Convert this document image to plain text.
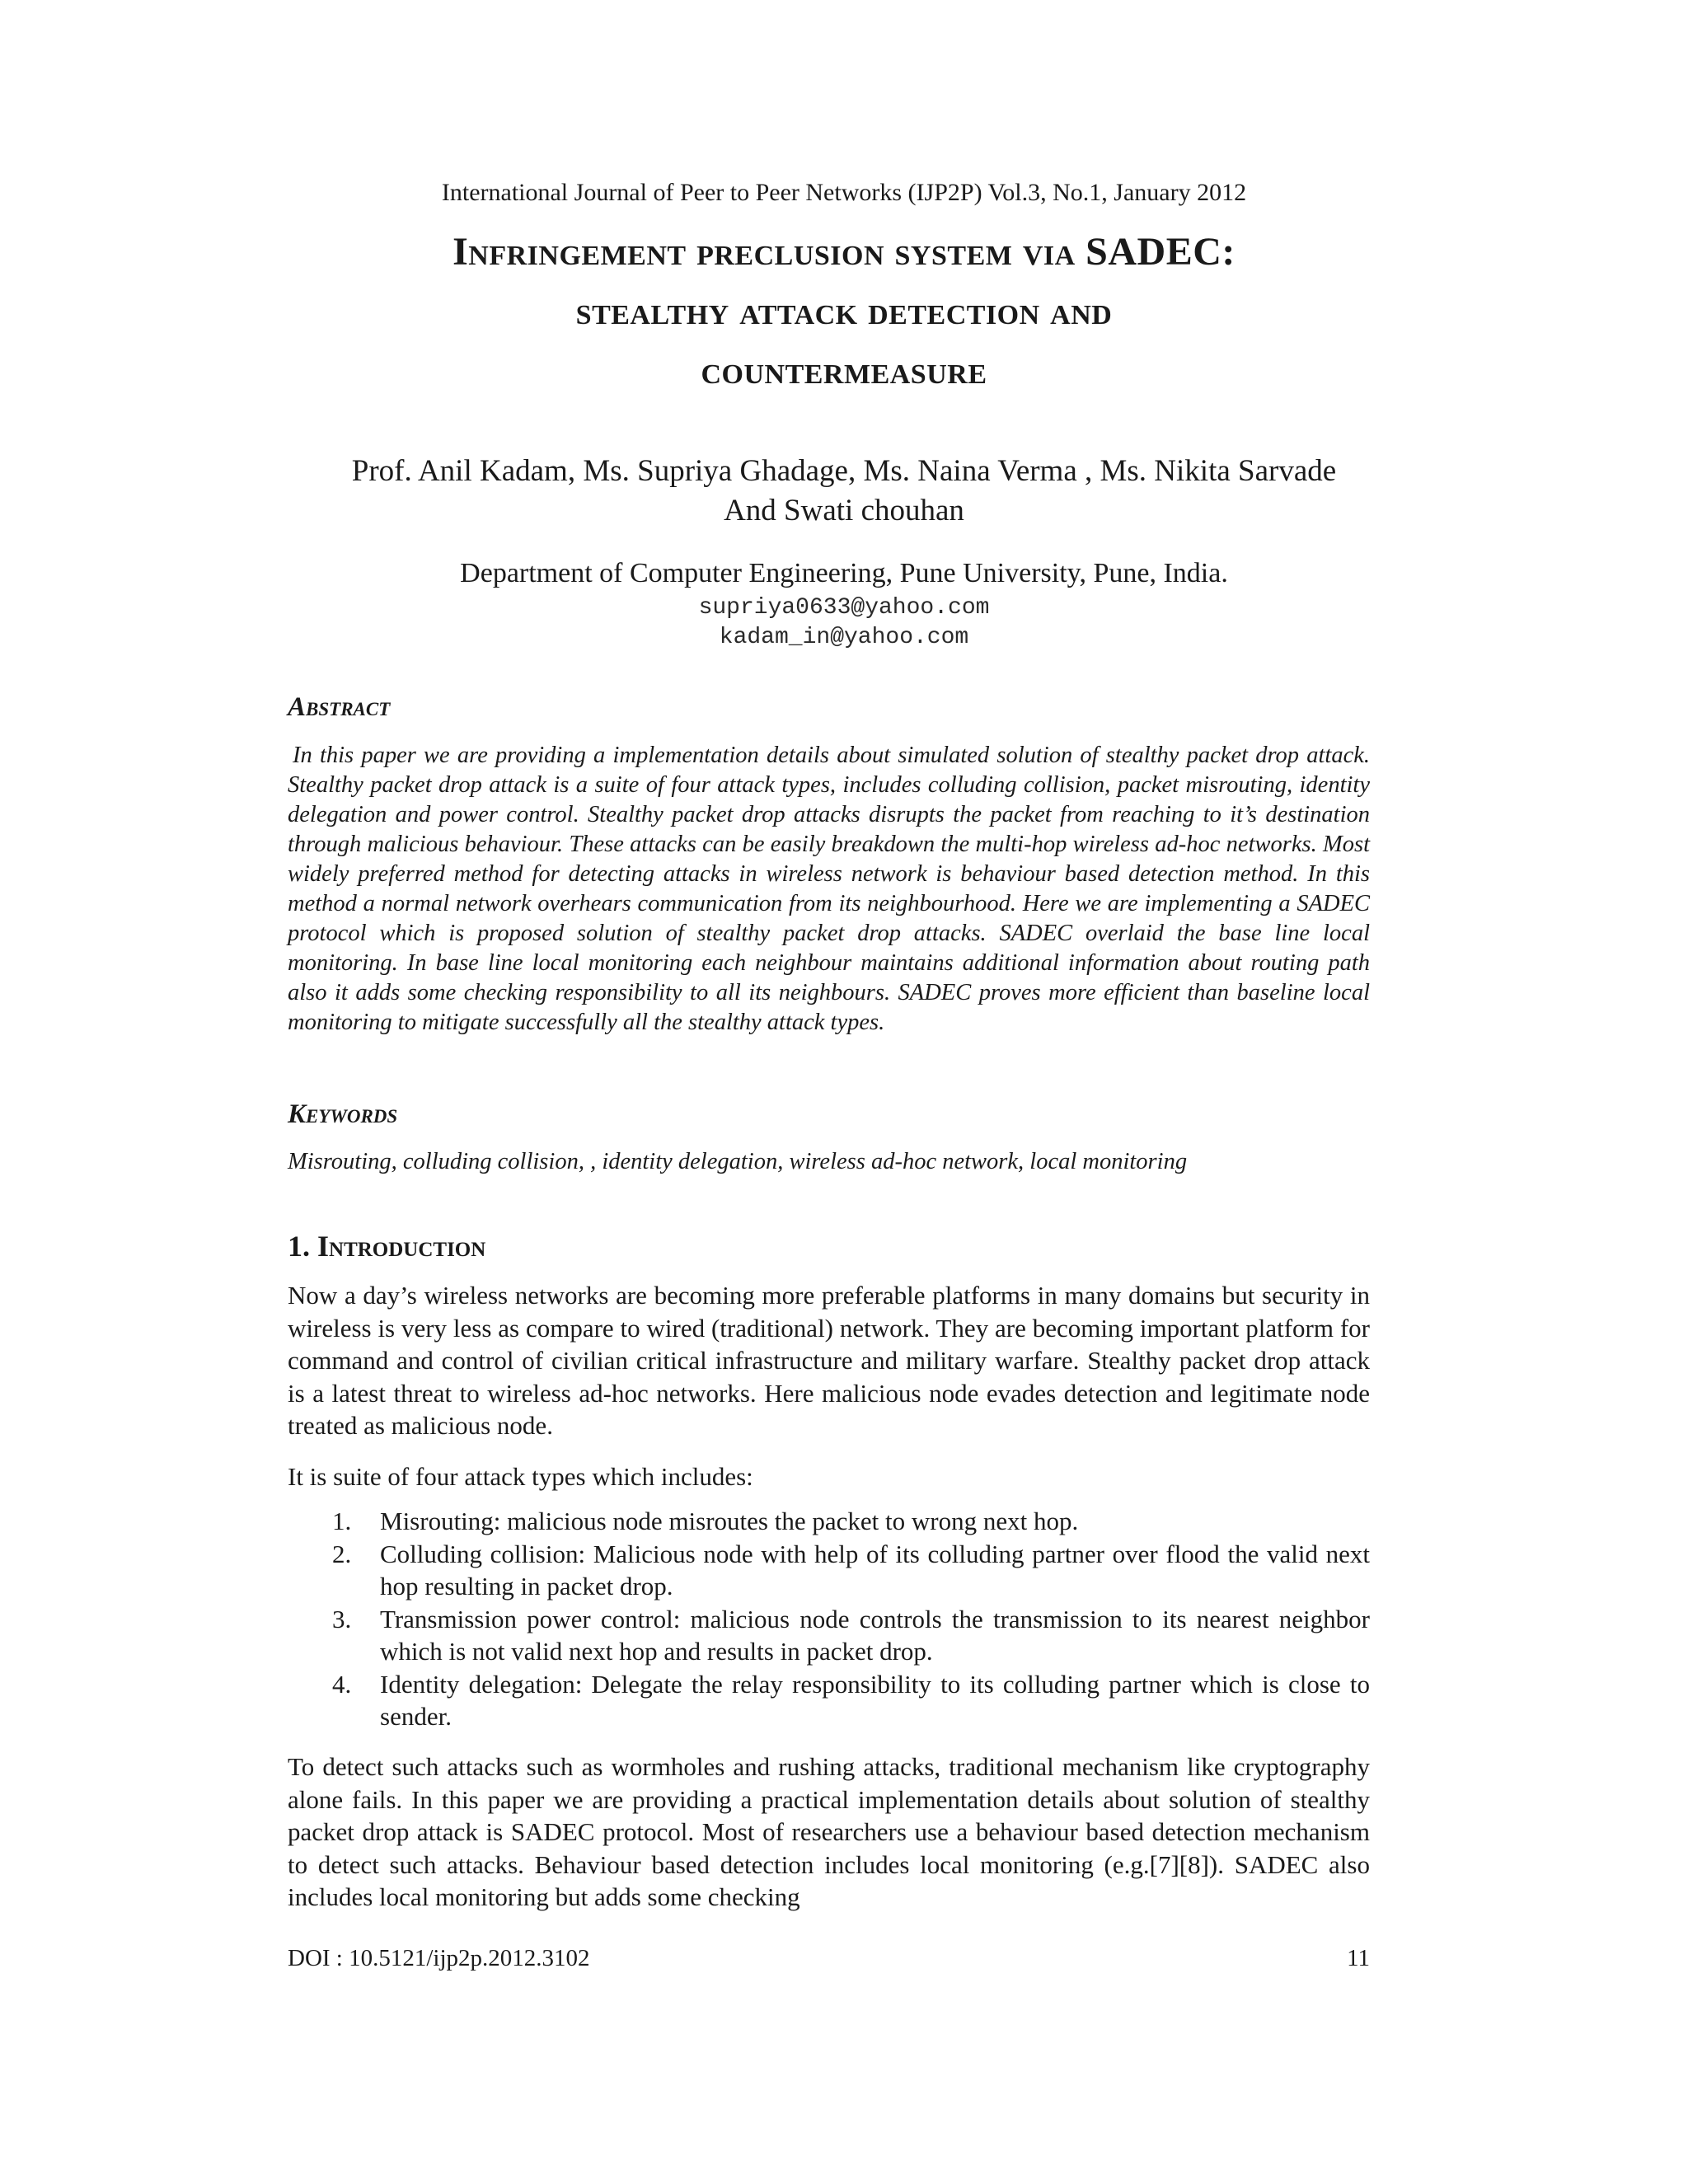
International Journal of Peer to Peer Networks (IJP2P) Vol.3, No.1, January 2012
Infringement preclusion system via SADEC:
stealthy attack detection and
countermeasure
Prof. Anil Kadam, Ms. Supriya Ghadage, Ms. Naina Verma , Ms. Nikita Sarvade
And Swati chouhan
Department of Computer Engineering, Pune University, Pune, India.
supriya0633@yahoo.com
kadam_in@yahoo.com
Abstract
In this paper we are providing a implementation details about simulated solution of stealthy packet drop attack. Stealthy packet drop attack is a suite of four attack types, includes colluding collision, packet misrouting, identity delegation and power control. Stealthy packet drop attacks disrupts the packet from reaching to it’s destination through malicious behaviour. These attacks can be easily breakdown the multi-hop wireless ad-hoc networks. Most widely preferred method for detecting attacks in wireless network is behaviour based detection method. In this method a normal network overhears communication from its neighbourhood. Here we are implementing a SADEC protocol which is proposed solution of stealthy packet drop attacks. SADEC overlaid the base line local monitoring. In base line local monitoring each neighbour maintains additional information about routing path also it adds some checking responsibility to all its neighbours. SADEC proves more efficient than baseline local monitoring to mitigate successfully all the stealthy attack types.
Keywords
Misrouting, colluding collision, , identity delegation, wireless ad-hoc network, local monitoring
1. Introduction
Now a day’s wireless networks are becoming more preferable platforms in many domains but security in wireless is very less as compare to wired (traditional) network. They are becoming important platform for command and control of civilian critical infrastructure and military warfare. Stealthy packet drop attack is a latest threat to wireless ad-hoc networks. Here malicious node evades detection and legitimate node treated as malicious node.
It is suite of four attack types which includes:
1. Misrouting: malicious node misroutes the packet to wrong next hop.
2. Colluding collision: Malicious node with help of its colluding partner over flood the valid next hop resulting in packet drop.
3. Transmission power control: malicious node controls the transmission to its nearest neighbor which is not valid next hop and results in packet drop.
4. Identity delegation: Delegate the relay responsibility to its colluding partner which is close to sender.
To detect such attacks such as wormholes and rushing attacks, traditional mechanism like cryptography alone fails. In this paper we are providing a practical implementation details about solution of stealthy packet drop attack is SADEC protocol. Most of researchers use a behaviour based detection mechanism to detect such attacks. Behaviour based detection includes local monitoring (e.g.[7][8]). SADEC also includes local monitoring but adds some checking
DOI : 10.5121/ijp2p.2012.3102	11
